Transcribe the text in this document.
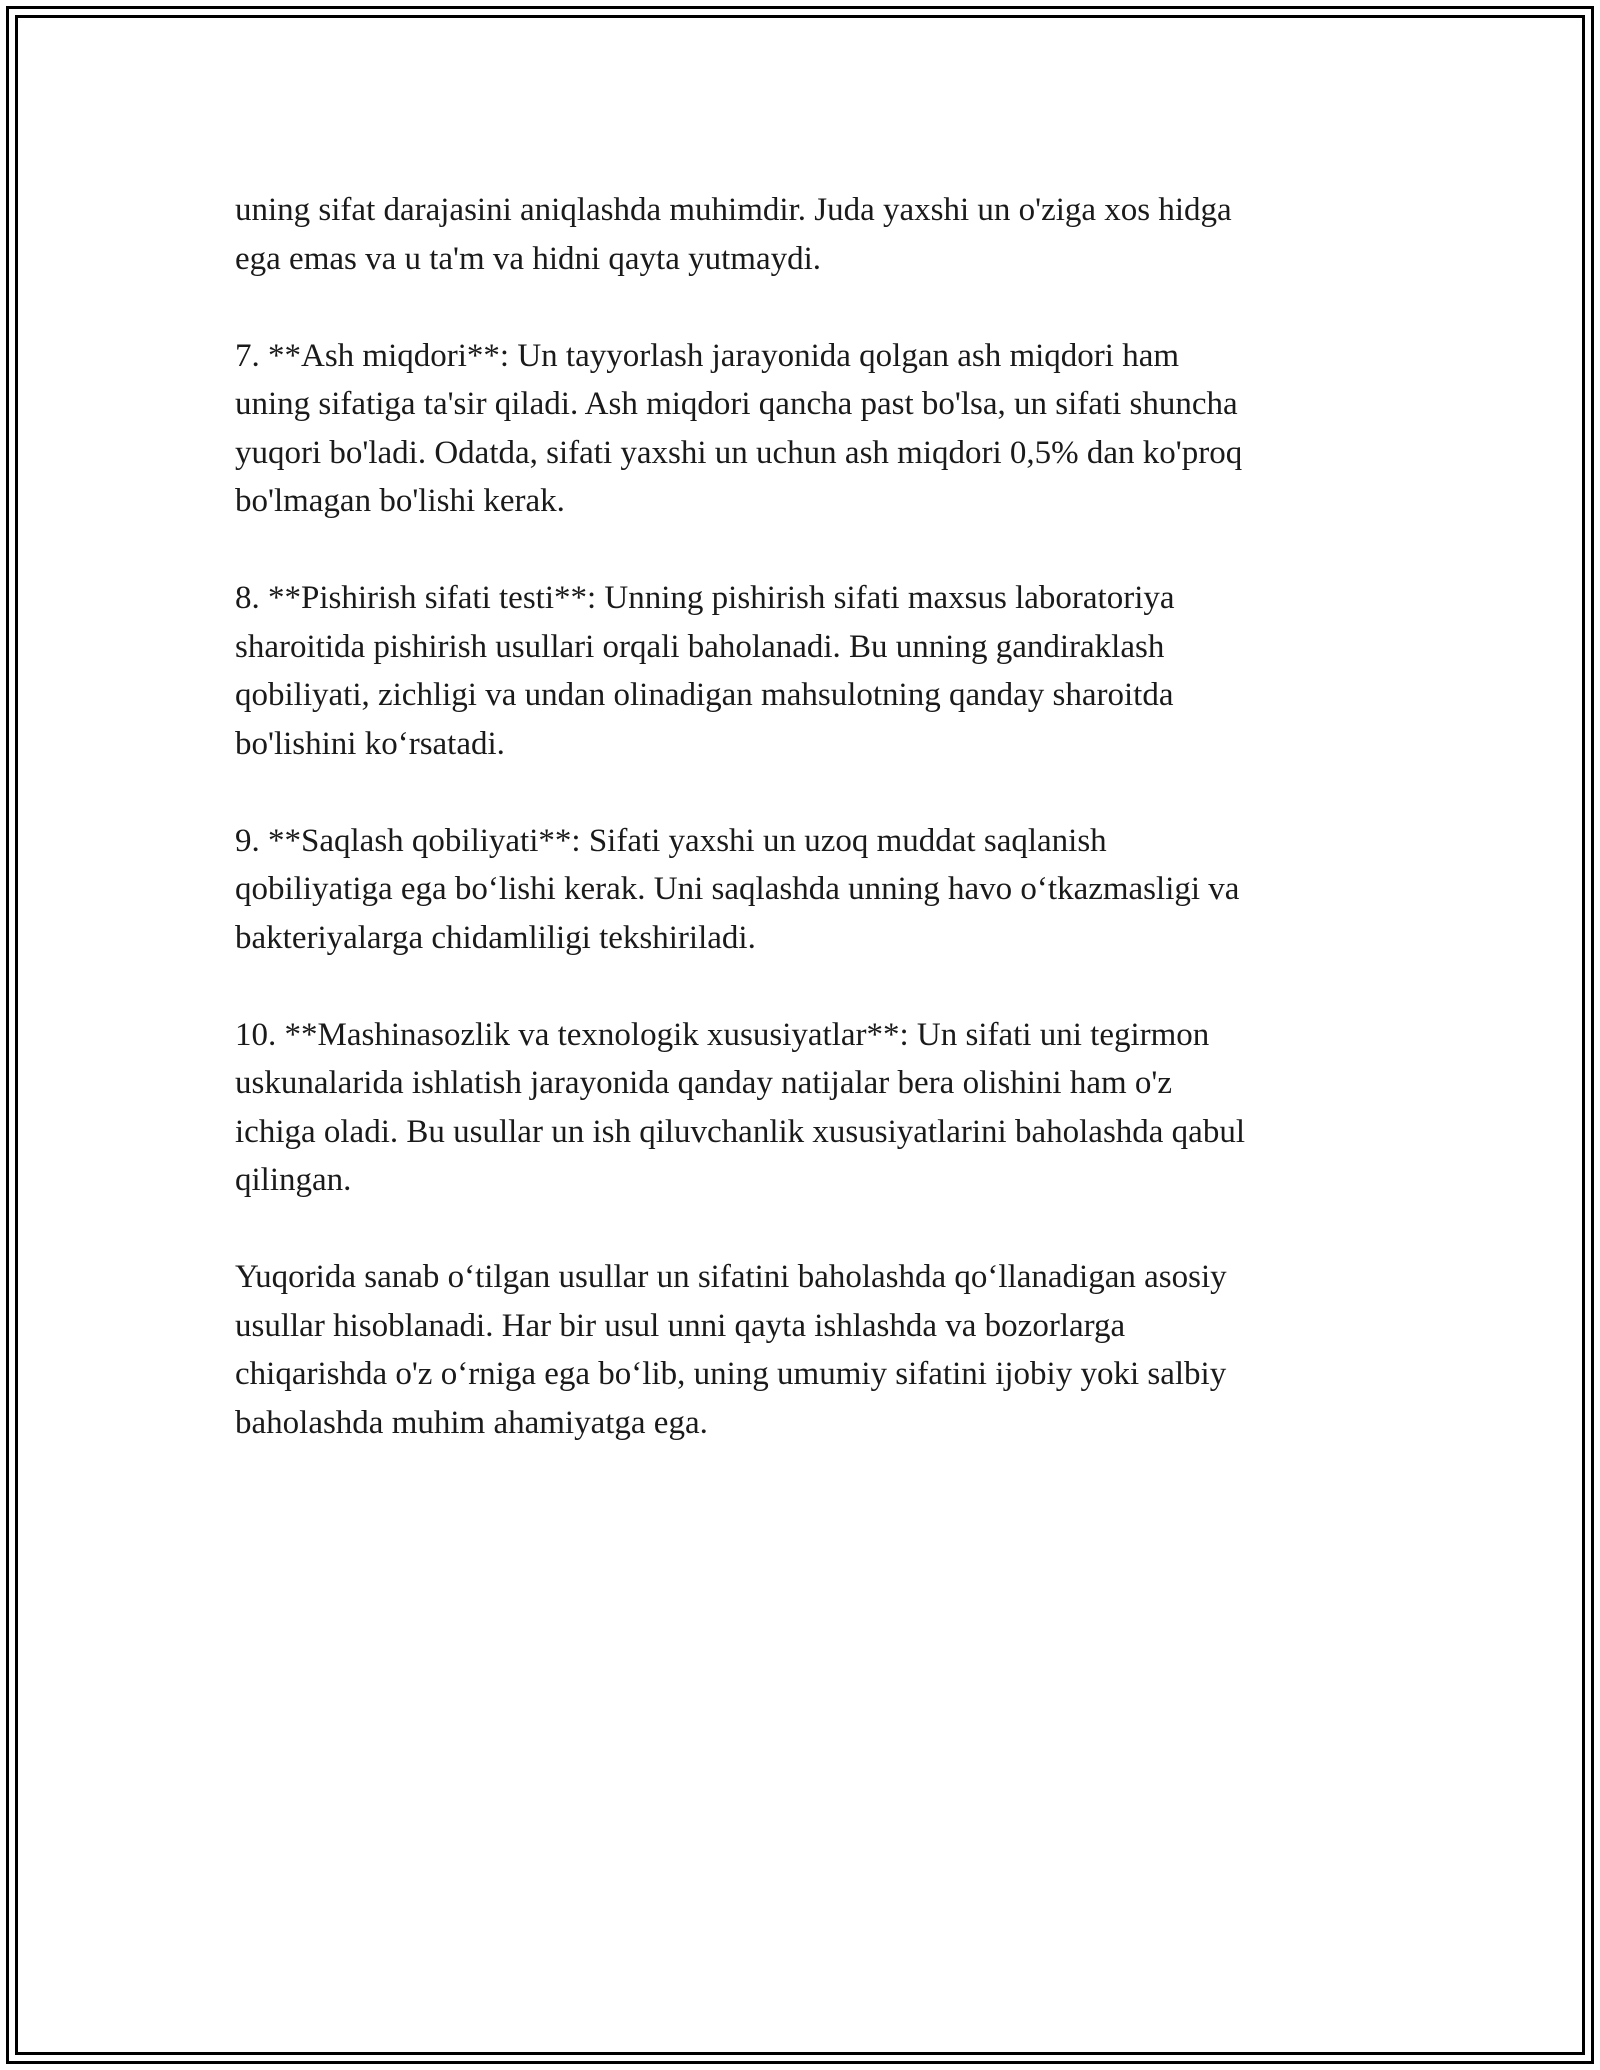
uning sifat darajasini aniqlashda muhimdir. Juda yaxshi un o'ziga xos hidga
ega emas va u ta'm va hidni qayta yutmaydi.

7. **Ash miqdori**: Un tayyorlash jarayonida qolgan ash miqdori ham
uning sifatiga ta'sir qiladi. Ash miqdori qancha past bo'lsa, un sifati shuncha
yuqori bo'ladi. Odatda, sifati yaxshi un uchun ash miqdori 0,5% dan ko'proq
bo'lmagan bo'lishi kerak.

8. **Pishirish sifati testi**: Unning pishirish sifati maxsus laboratoriya
sharoitida pishirish usullari orqali baholanadi. Bu unning gandiraklash
qobiliyati, zichligi va undan olinadigan mahsulotning qanday sharoitda
bo'lishini ko‘rsatadi.

9. **Saqlash qobiliyati**: Sifati yaxshi un uzoq muddat saqlanish
qobiliyatiga ega bo‘lishi kerak. Uni saqlashda unning havo o‘tkazmasligi va
bakteriyalarga chidamliligi tekshiriladi.

10. **Mashinasozlik va texnologik xususiyatlar**: Un sifati uni tegirmon
uskunalarida ishlatish jarayonida qanday natijalar bera olishini ham o'z
ichiga oladi. Bu usullar un ish qiluvchanlik xususiyatlarini baholashda qabul
qilingan.

Yuqorida sanab o‘tilgan usullar un sifatini baholashda qo‘llanadigan asosiy
usullar hisoblanadi. Har bir usul unni qayta ishlashda va bozorlarga
chiqarishda o'z o‘rniga ega bo‘lib, uning umumiy sifatini ijobiy yoki salbiy
baholashda muhim ahamiyatga ega.
